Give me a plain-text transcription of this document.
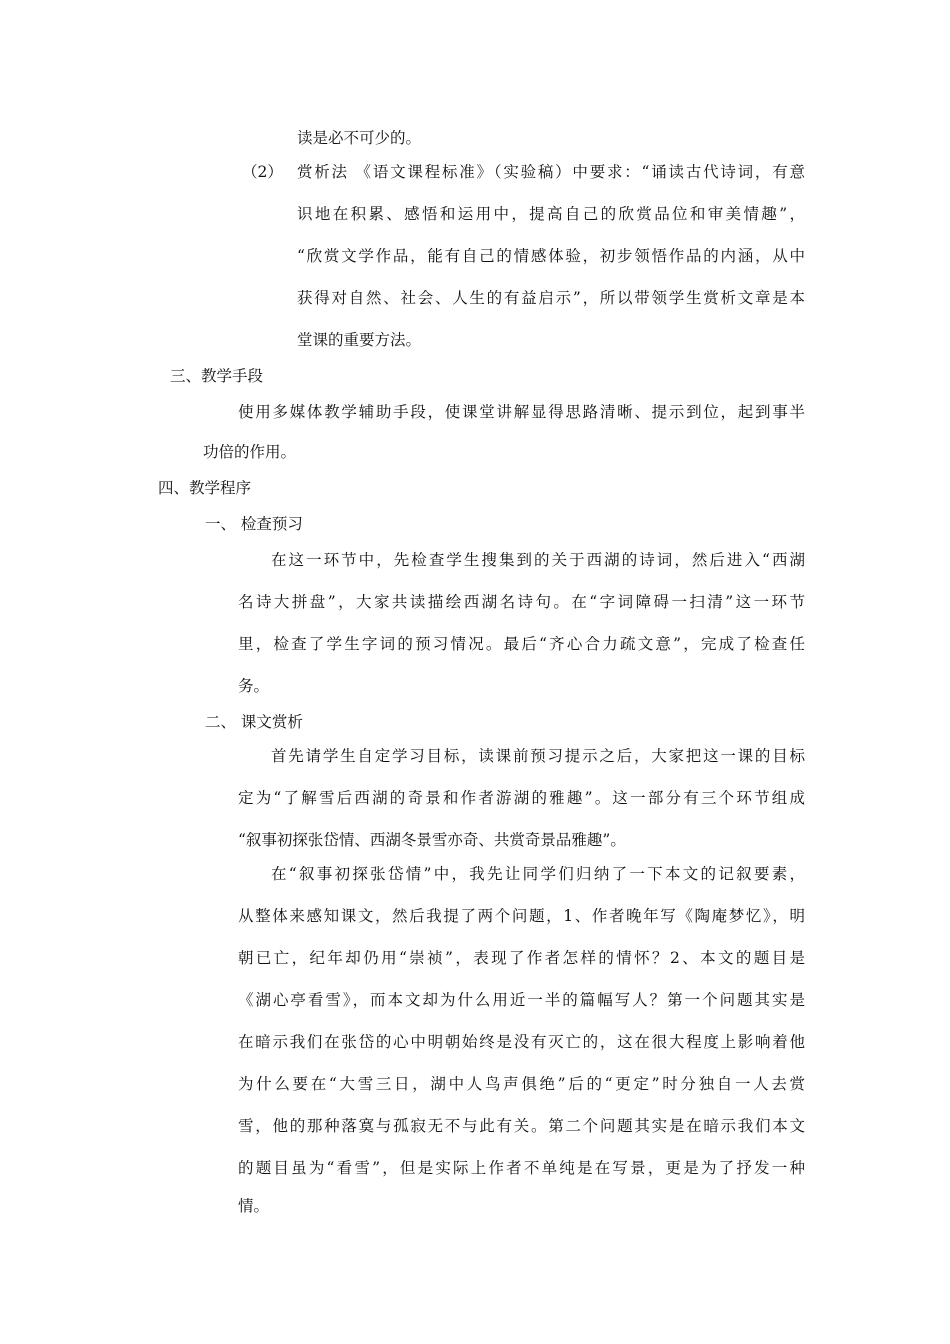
读是必不可少的。
（2） 赏析法 《语文课程标准》（实验稿）中要求：“诵读古代诗词，有意
识地在积累、感悟和运用中，提高自己的欣赏品位和审美情趣”，
“欣赏文学作品，能有自己的情感体验，初步领悟作品的内涵，从中
获得对自然、社会、人生的有益启示”，所以带领学生赏析文章是本
堂课的重要方法。
三、教学手段
使用多媒体教学辅助手段，使课堂讲解显得思路清晰、提示到位，起到事半
功倍的作用。
四、教学程序
一、 检查预习
在这一环节中，先检查学生搜集到的关于西湖的诗词，然后进入“西湖
名诗大拼盘”，大家共读描绘西湖名诗句。在“字词障碍一扫清”这一环节
里，检查了学生字词的预习情况。最后“齐心合力疏文意”，完成了检查任
务。
二、 课文赏析
首先请学生自定学习目标，读课前预习提示之后，大家把这一课的目标
定为“了解雪后西湖的奇景和作者游湖的雅趣”。这一部分有三个环节组成
“叙事初探张岱情、西湖冬景雪亦奇、共赏奇景品雅趣”。
在“叙事初探张岱情”中，我先让同学们归纳了一下本文的记叙要素，
从整体来感知课文，然后我提了两个问题，1、作者晚年写《陶庵梦忆》，明
朝已亡，纪年却仍用“崇祯”，表现了作者怎样的情怀？2、本文的题目是
《湖心亭看雪》，而本文却为什么用近一半的篇幅写人？第一个问题其实是
在暗示我们在张岱的心中明朝始终是没有灭亡的，这在很大程度上影响着他
为什么要在“大雪三日，湖中人鸟声俱绝”后的“更定”时分独自一人去赏
雪，他的那种落寞与孤寂无不与此有关。第二个问题其实是在暗示我们本文
的题目虽为“看雪”，但是实际上作者不单纯是在写景，更是为了抒发一种
情。
